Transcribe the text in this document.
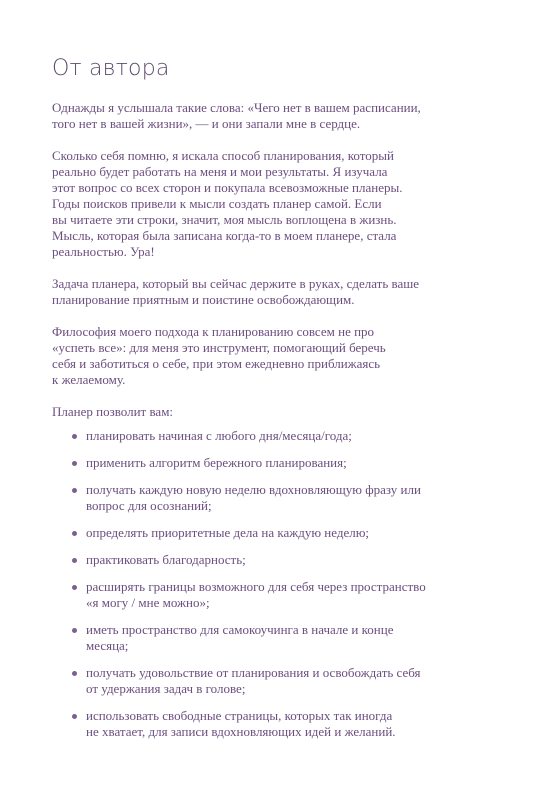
От автора

Однажды я услышала такие слова: «Чего нет в вашем расписании,
того нет в вашей жизни», — и они запали мне в сердце.

Сколько себя помню, я искала способ планирования, который
реально будет работать на меня и мои результаты. Я изучала
этот вопрос со всех сторон и покупала всевозможные планеры.
Годы поисков привели к мысли создать планер самой. Если
вы читаете эти строки, значит, моя мысль воплощена в жизнь.
Мысль, которая была записана когда-то в моем планере, стала
реальностью. Ура!

Задача планера, который вы сейчас держите в руках, сделать ваше
планирование приятным и поистине освобождающим.

Философия моего подхода к планированию совсем не про
«успеть все»: для меня это инструмент, помогающий беречь
себя и заботиться о себе, при этом ежедневно приближаясь
к желаемому.

Планер позволит вам:

планировать начиная с любого дня/месяца/года;
применить алгоритм бережного планирования;
получать каждую новую неделю вдохновляющую фразу или
вопрос для осознаний;
определять приоритетные дела на каждую неделю;
практиковать благодарность;
расширять границы возможного для себя через пространство
«я могу / мне можно»;
иметь пространство для самокоучинга в начале и конце
месяца;
получать удовольствие от планирования и освобождать себя
от удержания задач в голове;
использовать свободные страницы, которых так иногда
не хватает, для записи вдохновляющих идей и желаний.
